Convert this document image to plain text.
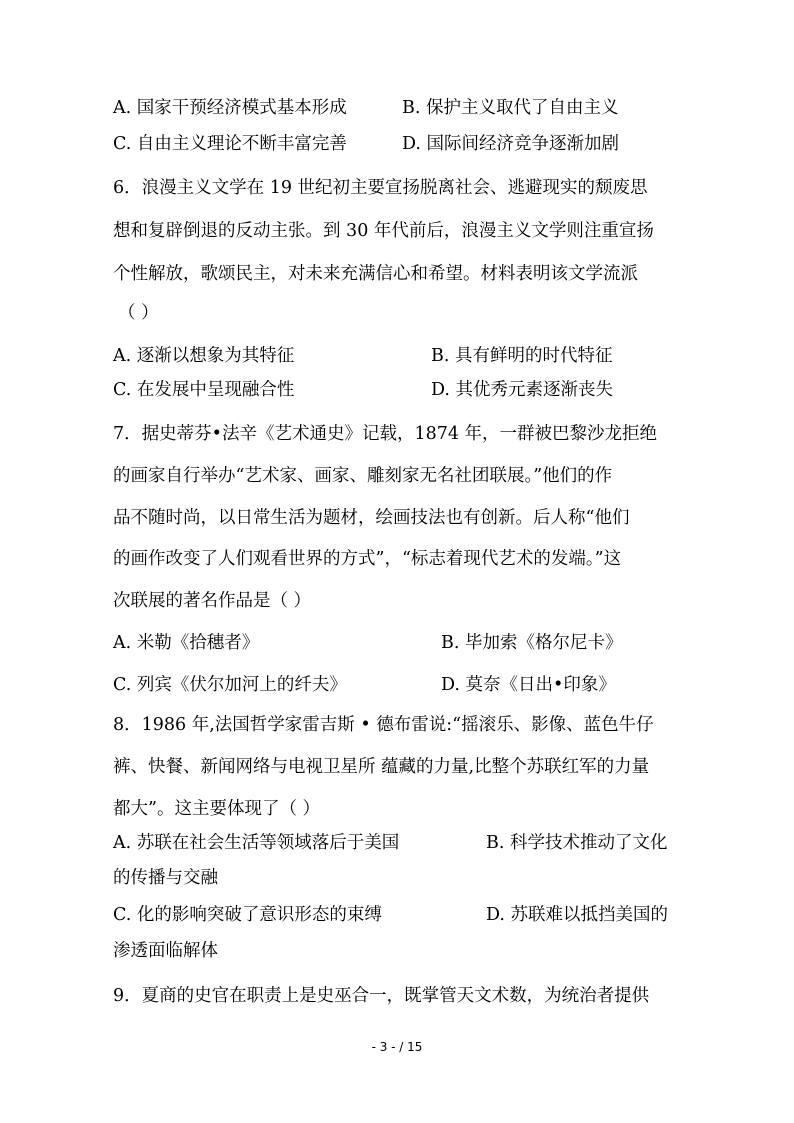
A. 国家干预经济模式基本形成	B. 保护主义取代了自由主义
C. 自由主义理论不断丰富完善	D. 国际间经济竞争逐渐加剧
6．浪漫主义文学在 19 世纪初主要宣扬脱离社会、逃避现实的颓废思
想和复辟倒退的反动主张。到 30 年代前后，浪漫主义文学则注重宣扬
个性解放，歌颂民主，对未来充满信心和希望。材料表明该文学流派
（ ）
A. 逐渐以想象为其特征	B. 具有鲜明的时代特征
C. 在发展中呈现融合性	D. 其优秀元素逐渐丧失
7．据史蒂芬•法辛《艺术通史》记载，1874 年，一群被巴黎沙龙拒绝
的画家自行举办“艺术家、画家、雕刻家无名社团联展。”他们的作
品不随时尚，以日常生活为题材，绘画技法也有创新。后人称“他们
的画作改变了人们观看世界的方式”，“标志着现代艺术的发端。”这
次联展的著名作品是（ ）
A. 米勒《拾穗者》	B. 毕加索《格尔尼卡》
C. 列宾《伏尔加河上的纤夫》	D. 莫奈《日出•印象》
8．1986 年,法国哲学家雷吉斯 • 德布雷说:“摇滚乐、影像、蓝色牛仔
裤、快餐、新闻网络与电视卫星所 蕴藏的力量,比整个苏联红军的力量
都大”。这主要体现了（ ）
A. 苏联在社会生活等领域落后于美国	B. 科学技术推动了文化
的传播与交融
C. 化的影响突破了意识形态的束缚	D. 苏联难以抵挡美国的
渗透面临解体
9．夏商的史官在职责上是史巫合一，既掌管天文术数，为统治者提供
- 3 - / 15
